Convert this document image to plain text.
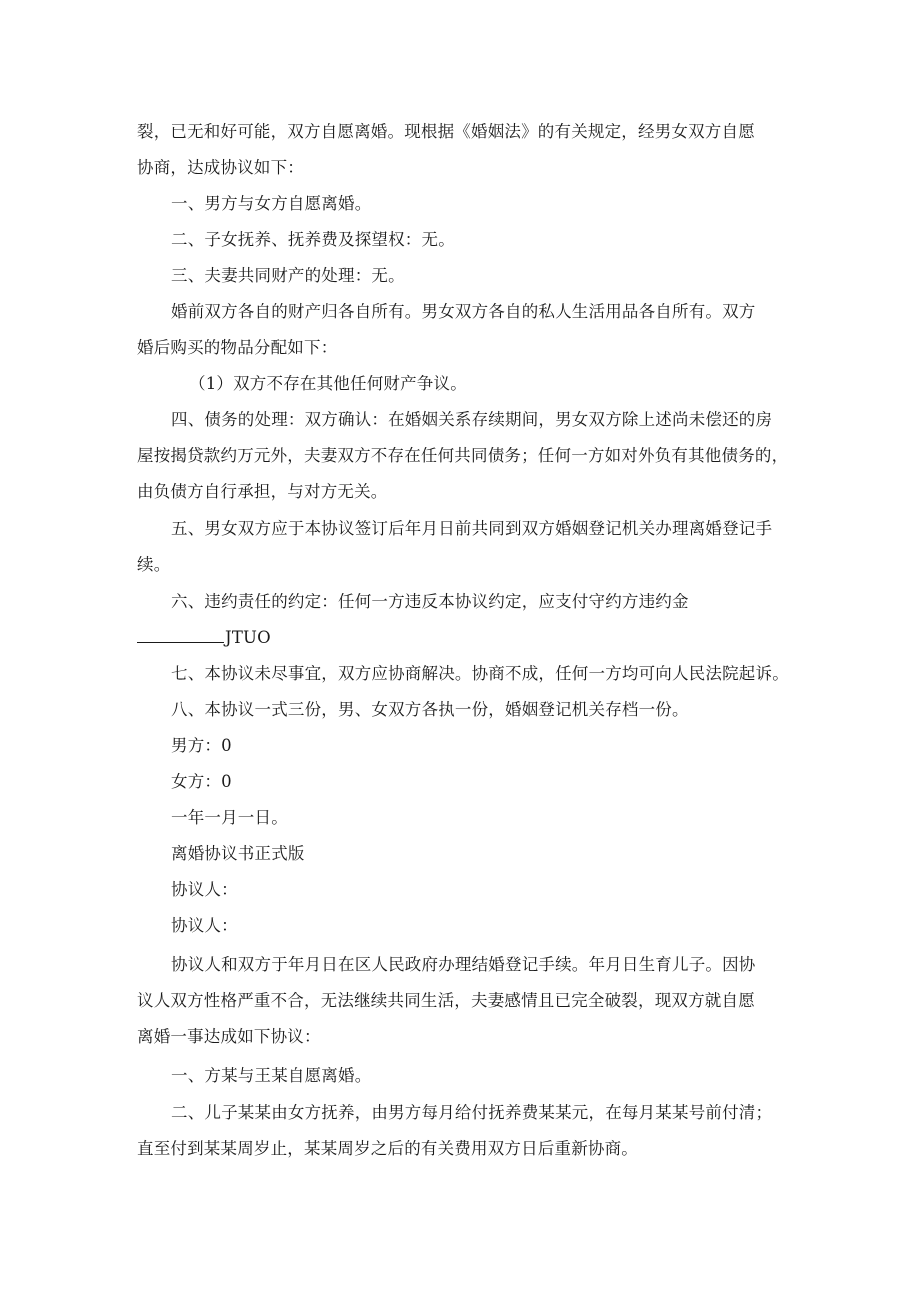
裂，已无和好可能，双方自愿离婚。现根据《婚姻法》的有关规定，经男女双方自愿
协商，达成协议如下：
一、男方与女方自愿离婚。
二、子女抚养、抚养费及探望权：无。
三、夫妻共同财产的处理：无。
婚前双方各自的财产归各自所有。男女双方各自的私人生活用品各自所有。双方
婚后购买的物品分配如下：
（1）双方不存在其他任何财产争议。
四、债务的处理：双方确认：在婚姻关系存续期间，男女双方除上述尚未偿还的房
屋按揭贷款约万元外，夫妻双方不存在任何共同债务；任何一方如对外负有其他债务的，
由负债方自行承担，与对方无关。
五、男女双方应于本协议签订后年月日前共同到双方婚姻登记机关办理离婚登记手
续。
六、违约责任的约定：任何一方违反本协议约定，应支付守约方违约金
JTUO
七、本协议未尽事宜，双方应协商解决。协商不成，任何一方均可向人民法院起诉。
八、本协议一式三份，男、女双方各执一份，婚姻登记机关存档一份。
男方：0
女方：0
一年一月一日。
离婚协议书正式版
协议人：
协议人：
协议人和双方于年月日在区人民政府办理结婚登记手续。年月日生育儿子。因协
议人双方性格严重不合，无法继续共同生活，夫妻感情且已完全破裂，现双方就自愿
离婚一事达成如下协议：
一、方某与王某自愿离婚。
二、儿子某某由女方抚养，由男方每月给付抚养费某某元，在每月某某号前付清；
直至付到某某周岁止，某某周岁之后的有关费用双方日后重新协商。
